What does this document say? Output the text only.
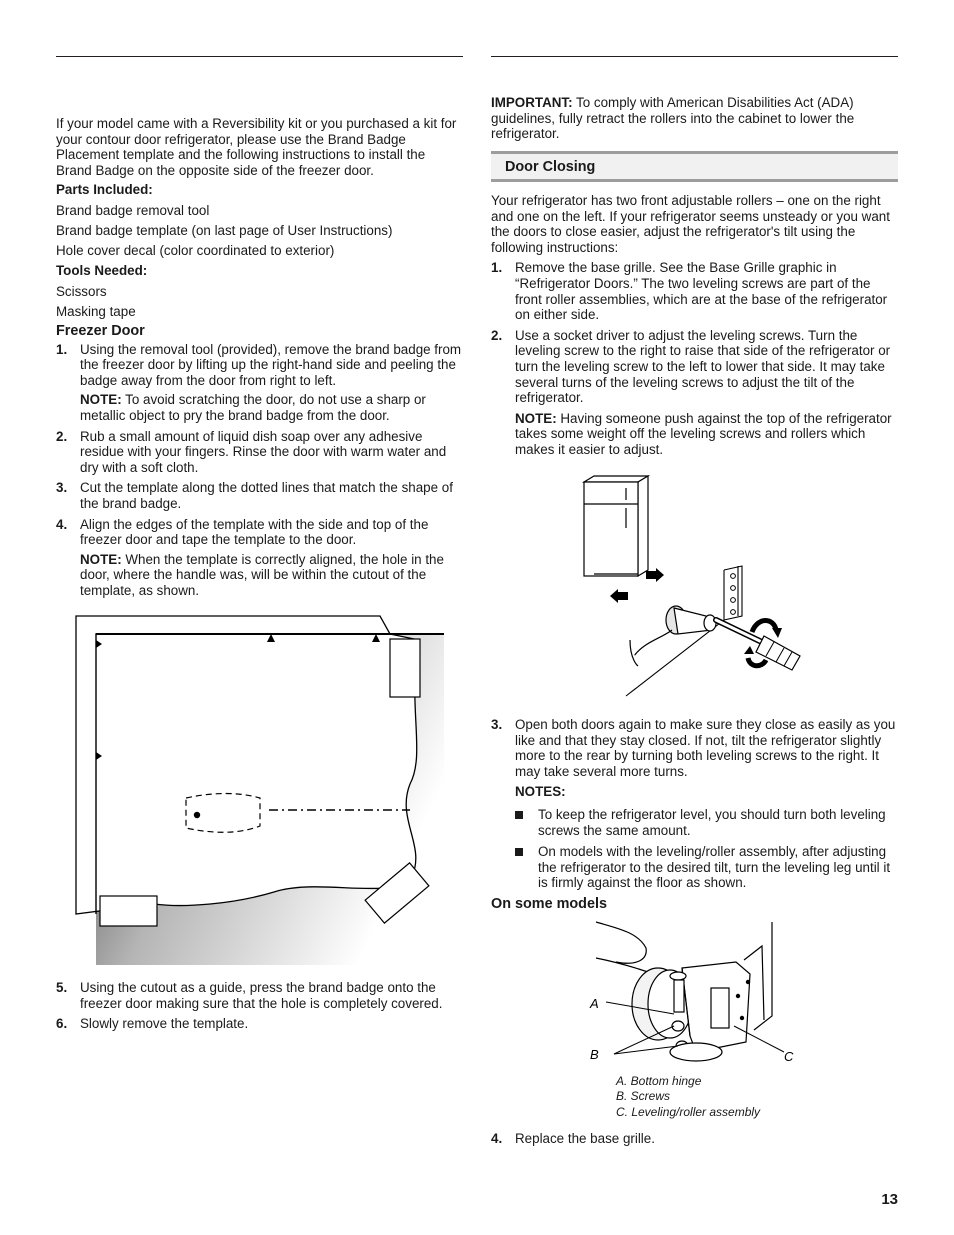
If your model came with a Reversibility kit or you purchased a kit for your contour door refrigerator, please use the Brand Badge Placement template and the following instructions to install the Brand Badge on the opposite side of the freezer door.

Parts Included:

Brand badge removal tool

Brand badge template (on last page of User Instructions)

Hole cover decal (color coordinated to exterior)

Tools Needed:

Scissors

Masking tape

Freezer Door

1. Using the removal tool (provided), remove the brand badge from the freezer door by lifting up the right-hand side and peeling the badge away from the door from right to left.

NOTE: To avoid scratching the door, do not use a sharp or metallic object to pry the brand badge from the door.

2. Rub a small amount of liquid dish soap over any adhesive residue with your fingers. Rinse the door with warm water and dry with a soft cloth.

3. Cut the template along the dotted lines that match the shape of the brand badge.

4. Align the edges of the template with the side and top of the freezer door and tape the template to the door.

NOTE: When the template is correctly aligned, the hole in the door, where the handle was, will be within the cutout of the template, as shown.

5. Using the cutout as a guide, press the brand badge onto the freezer door making sure that the hole is completely covered.

6. Slowly remove the template.

IMPORTANT: To comply with American Disabilities Act (ADA) guidelines, fully retract the rollers into the cabinet to lower the refrigerator.

Door Closing

Your refrigerator has two front adjustable rollers – one on the right and one on the left. If your refrigerator seems unsteady or you want the doors to close easier, adjust the refrigerator's tilt using the following instructions:

1. Remove the base grille. See the Base Grille graphic in “Refrigerator Doors.” The two leveling screws are part of the front roller assemblies, which are at the base of the refrigerator on either side.

2. Use a socket driver to adjust the leveling screws. Turn the leveling screw to the right to raise that side of the refrigerator or turn the leveling screw to the left to lower that side. It may take several turns of the leveling screws to adjust the tilt of the refrigerator.

NOTE: Having someone push against the top of the refrigerator takes some weight off the leveling screws and rollers which makes it easier to adjust.

3. Open both doors again to make sure they close as easily as you like and that they stay closed. If not, tilt the refrigerator slightly more to the rear by turning both leveling screws to the right. It may take several more turns.

NOTES:

To keep the refrigerator level, you should turn both leveling screws the same amount.
On models with the leveling/roller assembly, after adjusting the refrigerator to the desired tilt, turn the leveling leg until it is firmly against the floor as shown.

On some models

A
B	C

A. Bottom hinge

B. Screws

C. Leveling/roller assembly

4. Replace the base grille.

13
